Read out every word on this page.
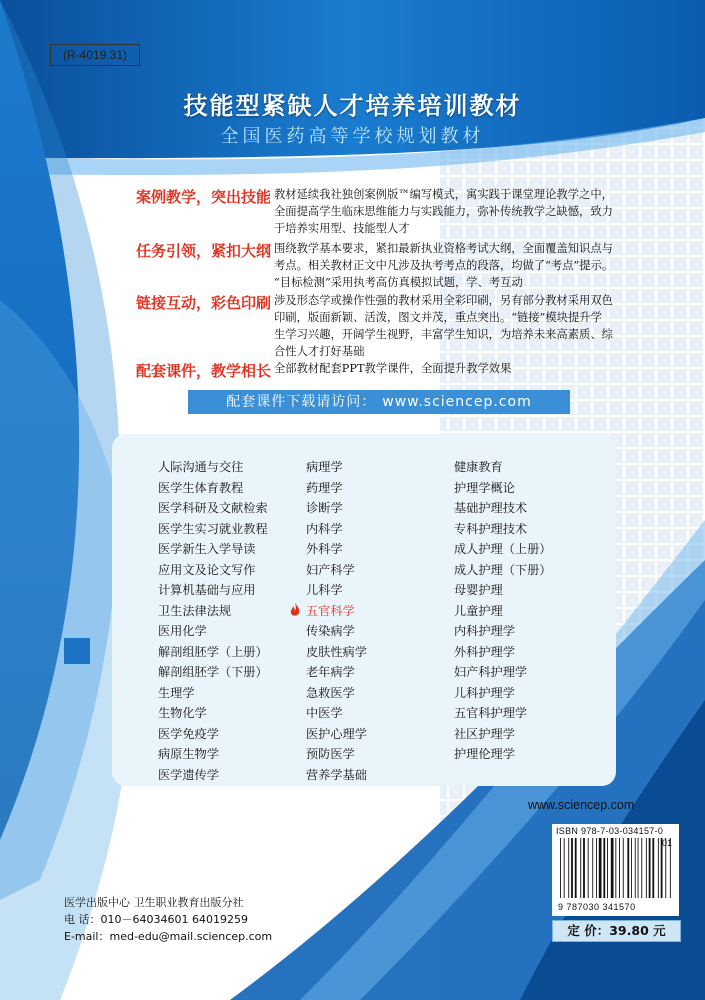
(R-4019.31)
技能型紧缺人才培养培训教材
全国医药高等学校规划教材
案例教学，突出技能 教材延续我社独创案例版™编写模式，寓实践于课堂理论教学之中，
全面提高学生临床思维能力与实践能力，弥补传统教学之缺憾，致力
于培养实用型、技能型人才
任务引领，紧扣大纲 围绕教学基本要求，紧扣最新执业资格考试大纲，全面覆盖知识点与
考点。相关教材正文中凡涉及执考考点的段落，均做了“考点”提示。
“目标检测”采用执考高仿真模拟试题，学、考互动
链接互动，彩色印刷 涉及形态学或操作性强的教材采用全彩印刷，另有部分教材采用双色
印刷，版面新颖、活泼，图文并茂，重点突出。“链接”模块提升学
生学习兴趣，开阔学生视野，丰富学生知识，为培养未来高素质、综
合性人才打好基础
配套课件，教学相长 全部教材配套PPT教学课件，全面提升教学效果
配套课件下载请访问： www.sciencep.com
人际沟通与交往
医学生体育教程
医学科研及文献检索
医学生实习就业教程
医学新生入学导读
应用文及论文写作
计算机基础与应用
卫生法律法规
医用化学
解剖组胚学（上册）
解剖组胚学（下册）
生理学
生物化学
医学免疫学
病原生物学
医学遗传学
病理学
药理学
诊断学
内科学
外科学
妇产科学
儿科学
五官科学
传染病学
皮肤性病学
老年病学
急救医学
中医学
医护心理学
预防医学
营养学基础
健康教育
护理学概论
基础护理技术
专科护理技术
成人护理（上册）
成人护理（下册）
母婴护理
儿童护理
内科护理学
外科护理学
妇产科护理学
儿科护理学
五官科护理学
社区护理学
护理伦理学
www.sciencep.com
ISBN 978-7-03-034157-0
01
9 787030 341570
定 价：39.80 元
医学出版中心 卫生职业教育出版分社
电 话：010－64034601 64019259
E-mail：med-edu@mail.sciencep.com
